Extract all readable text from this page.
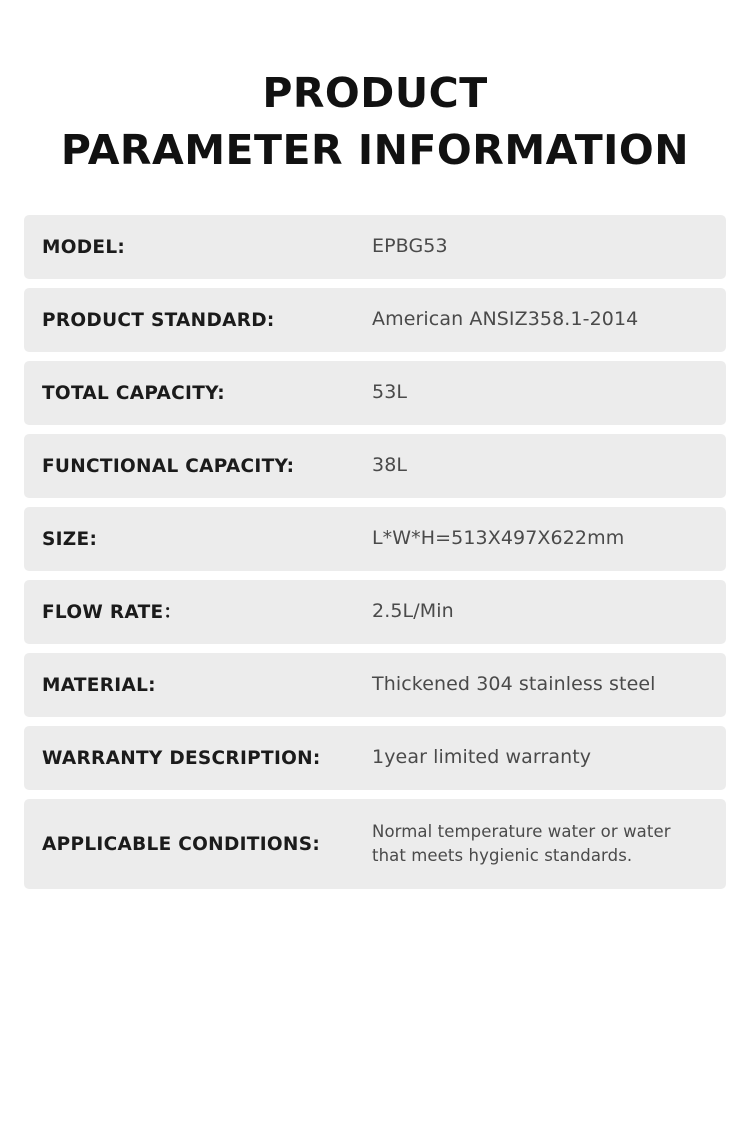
PRODUCT
PARAMETER INFORMATION
MODEL:	EPBG53
PRODUCT STANDARD:	American ANSIZ358.1-2014
TOTAL CAPACITY:	53L
FUNCTIONAL CAPACITY:	38L
SIZE:	L*W*H=513X497X622mm
FLOW RATE：	2.5L/Min
MATERIAL:	Thickened 304 stainless steel
WARRANTY DESCRIPTION:	1year limited warranty
APPLICABLE CONDITIONS:
Normal temperature water or water that meets hygienic standards.
